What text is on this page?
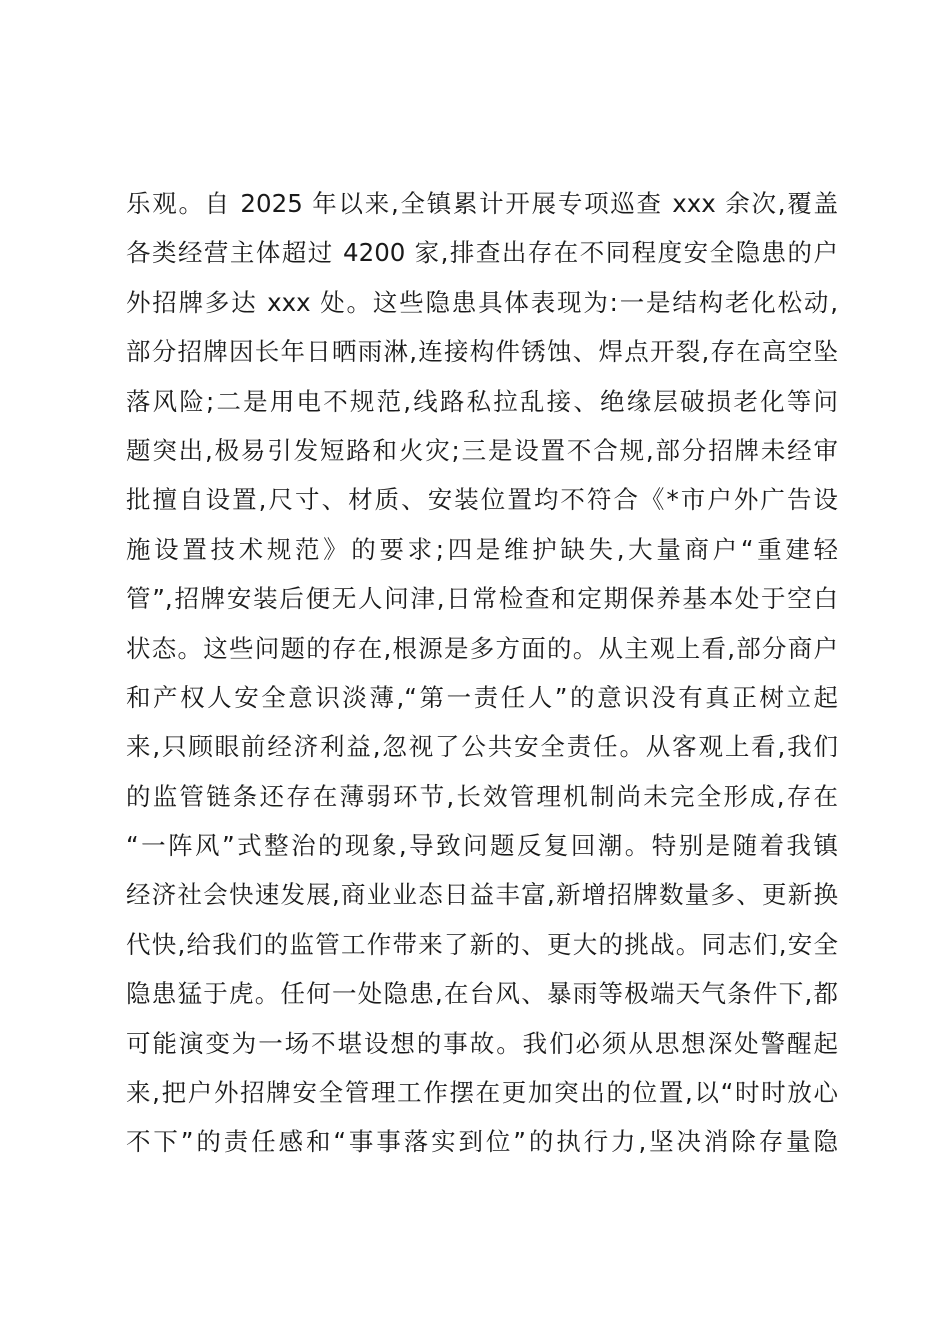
乐观。自 2025 年以来,全镇累计开展专项巡查 xxx 余次,覆盖
各类经营主体超过 4200 家,排查出存在不同程度安全隐患的户
外招牌多达 xxx 处。这些隐患具体表现为:一是结构老化松动,
部分招牌因长年日晒雨淋,连接构件锈蚀、焊点开裂,存在高空坠
落风险;二是用电不规范,线路私拉乱接、绝缘层破损老化等问
题突出,极易引发短路和火灾;三是设置不合规,部分招牌未经审
批擅自设置,尺寸、材质、安装位置均不符合《*市户外广告设
施设置技术规范》的要求;四是维护缺失,大量商户“重建轻
管”,招牌安装后便无人问津,日常检查和定期保养基本处于空白
状态。这些问题的存在,根源是多方面的。从主观上看,部分商户
和产权人安全意识淡薄,“第一责任人”的意识没有真正树立起
来,只顾眼前经济利益,忽视了公共安全责任。从客观上看,我们
的监管链条还存在薄弱环节,长效管理机制尚未完全形成,存在
“一阵风”式整治的现象,导致问题反复回潮。特别是随着我镇
经济社会快速发展,商业业态日益丰富,新增招牌数量多、更新换
代快,给我们的监管工作带来了新的、更大的挑战。同志们,安全
隐患猛于虎。任何一处隐患,在台风、暴雨等极端天气条件下,都
可能演变为一场不堪设想的事故。我们必须从思想深处警醒起
来,把户外招牌安全管理工作摆在更加突出的位置,以“时时放心
不下”的责任感和“事事落实到位”的执行力,坚决消除存量隐
